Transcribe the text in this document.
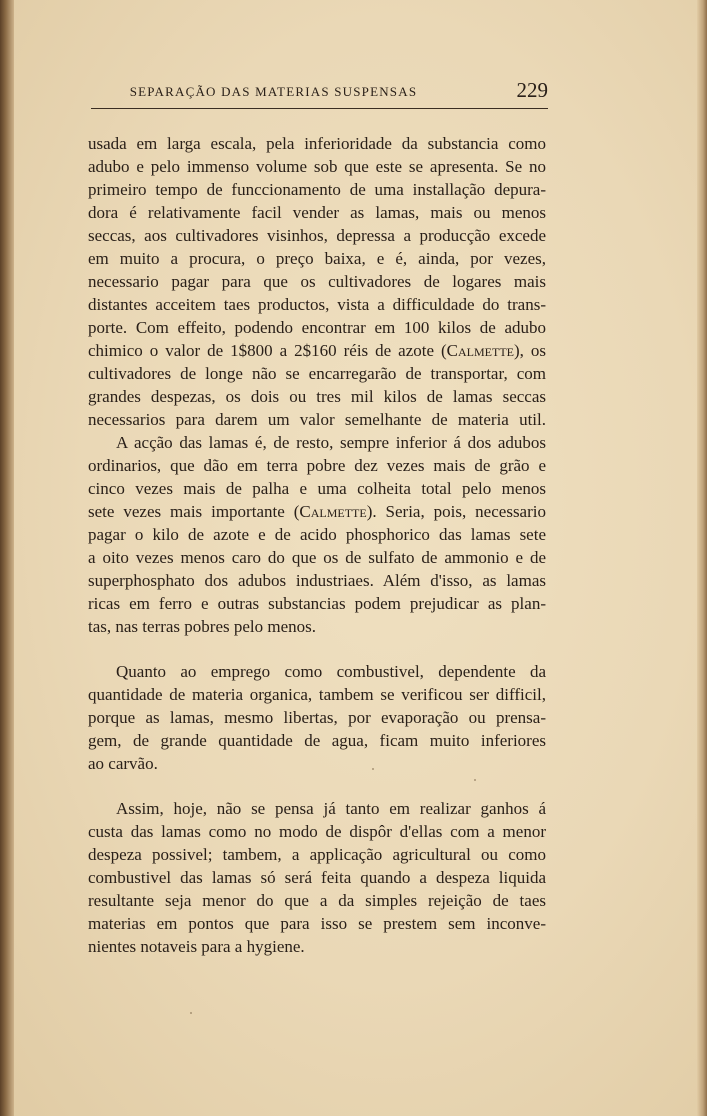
SEPARAÇÃO DAS MATERIAS SUSPENSAS	229
usada em larga escala, pela inferioridade da substancia como
adubo e pelo immenso volume sob que este se apresenta. Se no
primeiro tempo de funccionamento de uma installação depura-
dora é relativamente facil vender as lamas, mais ou menos
seccas, aos cultivadores visinhos, depressa a producção excede
em muito a procura, o preço baixa, e é, ainda, por vezes,
necessario pagar para que os cultivadores de logares mais
distantes acceitem taes productos, vista a difficuldade do trans-
porte. Com effeito, podendo encontrar em 100 kilos de adubo
chimico o valor de 1$800 a 2$160 réis de azote (Calmette), os
cultivadores de longe não se encarregarão de transportar, com
grandes despezas, os dois ou tres mil kilos de lamas seccas
necessarios para darem um valor semelhante de materia util.
A acção das lamas é, de resto, sempre inferior á dos adubos
ordinarios, que dão em terra pobre dez vezes mais de grão e
cinco vezes mais de palha e uma colheita total pelo menos
sete vezes mais importante (Calmette). Seria, pois, necessario
pagar o kilo de azote e de acido phosphorico das lamas sete
a oito vezes menos caro do que os de sulfato de ammonio e de
superphosphato dos adubos industriaes. Além d'isso, as lamas
ricas em ferro e outras substancias podem prejudicar as plan-
tas, nas terras pobres pelo menos.
Quanto ao emprego como combustivel, dependente da
quantidade de materia organica, tambem se verificou ser difficil,
porque as lamas, mesmo libertas, por evaporação ou prensa-
gem, de grande quantidade de agua, ficam muito inferiores
ao carvão.
Assim, hoje, não se pensa já tanto em realizar ganhos á
custa das lamas como no modo de dispôr d'ellas com a menor
despeza possivel; tambem, a applicação agricultural ou como
combustivel das lamas só será feita quando a despeza liquida
resultante seja menor do que a da simples rejeição de taes
materias em pontos que para isso se prestem sem inconve-
nientes notaveis para a hygiene.
